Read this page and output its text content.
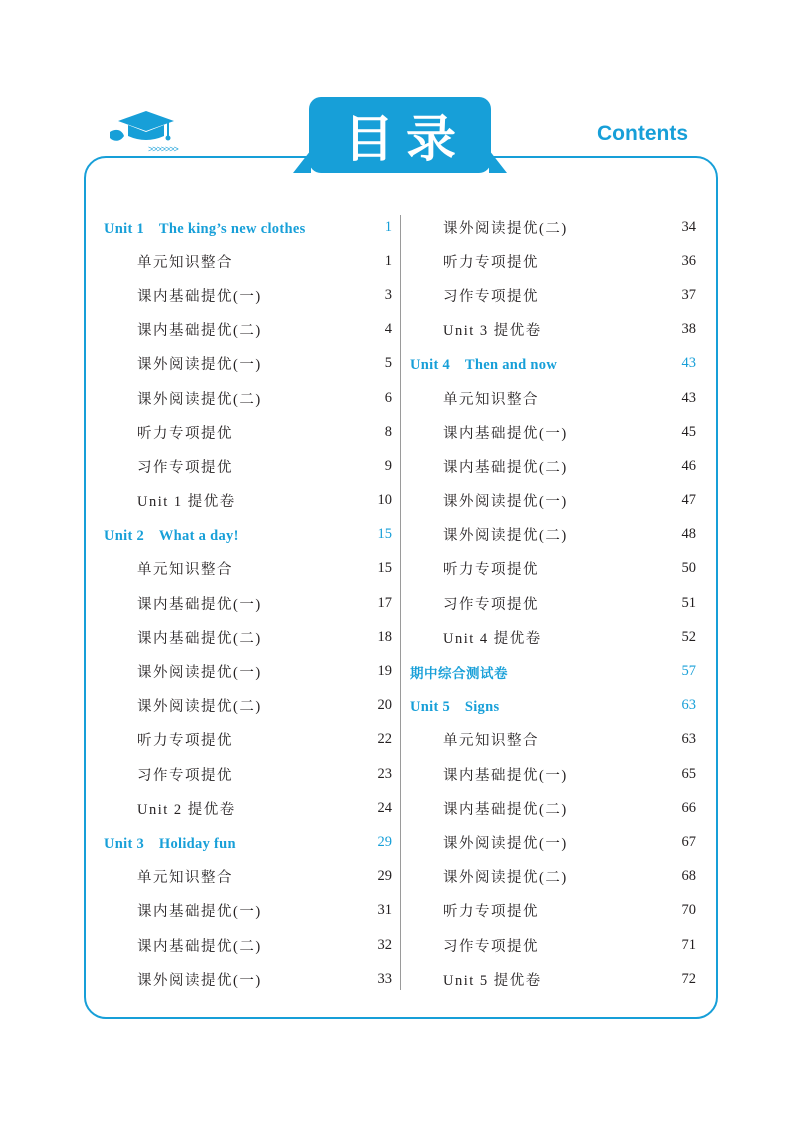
>>>>>>>	目录	Contents
Unit 1　The king’s new clothes	1
单元知识整合	1
课内基础提优(一)	3
课内基础提优(二)	4
课外阅读提优(一)	5
课外阅读提优(二)	6
听力专项提优	8
习作专项提优	9
Unit 1 提优卷	10
Unit 2　What a day!	15
单元知识整合	15
课内基础提优(一)	17
课内基础提优(二)	18
课外阅读提优(一)	19
课外阅读提优(二)	20
听力专项提优	22
习作专项提优	23
Unit 2 提优卷	24
Unit 3　Holiday fun	29
单元知识整合	29
课内基础提优(一)	31
课内基础提优(二)	32
课外阅读提优(一)	33
课外阅读提优(二)	34
听力专项提优	36
习作专项提优	37
Unit 3 提优卷	38
Unit 4　Then and now	43
单元知识整合	43
课内基础提优(一)	45
课内基础提优(二)	46
课外阅读提优(一)	47
课外阅读提优(二)	48
听力专项提优	50
习作专项提优	51
Unit 4 提优卷	52
期中综合测试卷	57
Unit 5　Signs	63
单元知识整合	63
课内基础提优(一)	65
课内基础提优(二)	66
课外阅读提优(一)	67
课外阅读提优(二)	68
听力专项提优	70
习作专项提优	71
Unit 5 提优卷	72
